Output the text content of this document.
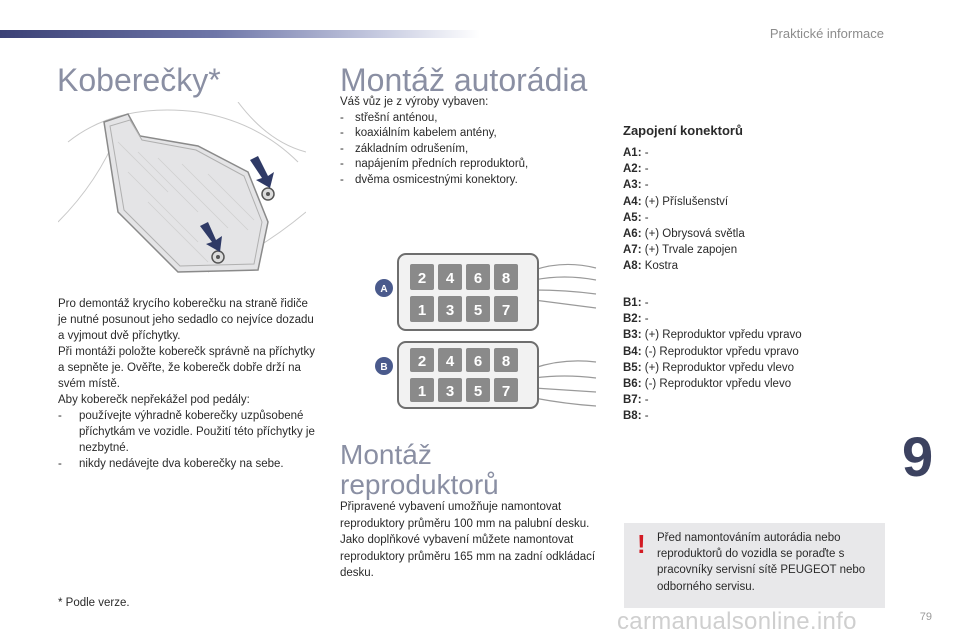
Praktické informace
Koberečky*
Pro demontáž krycího koberečku na straně řidiče je nutné posunout jeho sedadlo co nejvíce dozadu a vyjmout dvě příchytky.
Při montáži položte koberečk správně na příchytky a sepněte je. Ověřte, že koberečk dobře drží na svém místě.
Aby koberečk nepřekážel pod pedály:
- používejte výhradně koberečky uzpůsobené příchytkám ve vozidle. Použití této příchytky je nezbytné.
- nikdy nedávejte dva koberečky na sebe.
* Podle verze.
Montáž autorádia
Váš vůz je z výroby vybaven:
- střešní anténou,
- koaxiálním kabelem antény,
- základním odrušením,
- napájením předních reproduktorů,
- dvěma osmicestnými konektory.
2 4 6 8
1 3 5 7
2 4 6 8
1 3 5 7
A
B
Montáž reproduktorů
Připravené vybavení umožňuje namontovat reproduktory průměru 100 mm na palubní desku.
Jako doplňkové vybavení můžete namontovat reproduktory průměru 165 mm na zadní odkládací desku.
Zapojení konektorů
A1: -
A2: -
A3: -
A4: (+) Příslušenství
A5: -
A6: (+) Obrysová světla
A7: (+) Trvale zapojen
A8: Kostra
B1: -
B2: -
B3: (+) Reproduktor vpředu vpravo
B4: (-) Reproduktor vpředu vpravo
B5: (+) Reproduktor vpředu vlevo
B6: (-) Reproduktor vpředu vlevo
B7: -
B8: -
9
! Před namontováním autorádia nebo reproduktorů do vozidla se poraďte s pracovníky servisní sítě PEUGEOT nebo odborného servisu.
carmanualsonline.info	79
